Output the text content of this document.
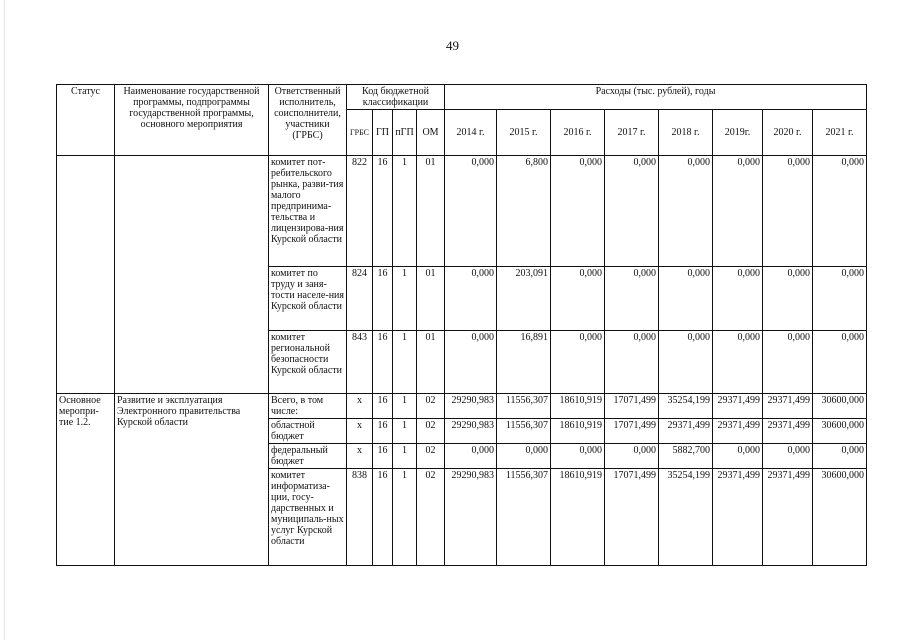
49
Статус	Наименование государственной программы, подпрограммы государственной программы, основного мероприятия	Ответственный исполнитель, соисполнители, участники (ГРБС)	Код бюджетной классификации				Расходы (тыс. рублей), годы							
			ГРБС	ГП	пГП	ОМ	2014 г.	2015 г.	2016 г.	2017 г.	2018 г.	2019г.	2020 г.	2021 г.
		комитет пот-ребительского рынка, разви-тия малого предпринима-тельства и лицензирова-ния Курской области	822	16	1	01	0,000	6,800	0,000	0,000	0,000	0,000	0,000	0,000
		комитет по труду и заня-тости населе-ния Курской области	824	16	1	01	0,000	203,091	0,000	0,000	0,000	0,000	0,000	0,000
		комитет региональной безопасности Курской области	843	16	1	01	0,000	16,891	0,000	0,000	0,000	0,000	0,000	0,000
Основное меропри-тие 1.2.	Развитие и эксплуатация Электронного правительства Курской области	Всего, в том числе:	х	16	1	02	29290,983	11556,307	18610,919	17071,499	35254,199	29371,499	29371,499	30600,000
		областной бюджет	х	16	1	02	29290,983	11556,307	18610,919	17071,499	29371,499	29371,499	29371,499	30600,000
		федеральный бюджет	х	16	1	02	0,000	0,000	0,000	0,000	5882,700	0,000	0,000	0,000
		комитет информатиза-ции, госу-дарственных и муниципаль-ных услуг Курской области	838	16	1	02	29290,983	11556,307	18610,919	17071,499	35254,199	29371,499	29371,499	30600,000
